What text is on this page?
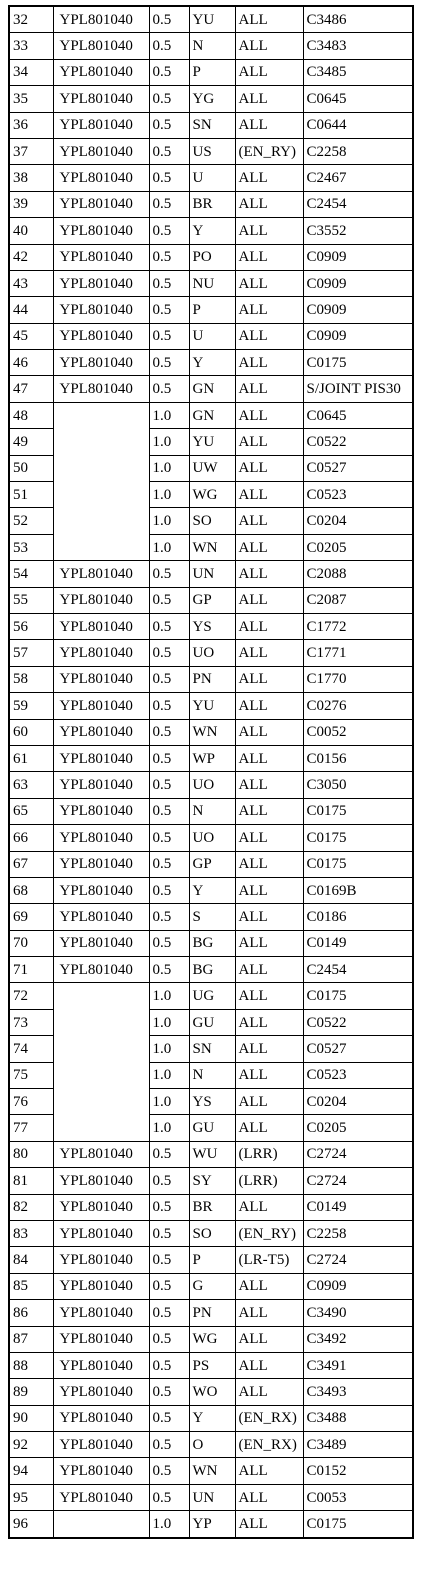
32	YPL801040	0.5	YU	ALL	C3486
33	YPL801040	0.5	N	ALL	C3483
34	YPL801040	0.5	P	ALL	C3485
35	YPL801040	0.5	YG	ALL	C0645
36	YPL801040	0.5	SN	ALL	C0644
37	YPL801040	0.5	US	(EN_RY)	C2258
38	YPL801040	0.5	U	ALL	C2467
39	YPL801040	0.5	BR	ALL	C2454
40	YPL801040	0.5	Y	ALL	C3552
42	YPL801040	0.5	PO	ALL	C0909
43	YPL801040	0.5	NU	ALL	C0909
44	YPL801040	0.5	P	ALL	C0909
45	YPL801040	0.5	U	ALL	C0909
46	YPL801040	0.5	Y	ALL	C0175
47	YPL801040	0.5	GN	ALL	S/JOINT PIS30
48		1.0	GN	ALL	C0645
49		1.0	YU	ALL	C0522
50		1.0	UW	ALL	C0527
51		1.0	WG	ALL	C0523
52		1.0	SO	ALL	C0204
53		1.0	WN	ALL	C0205
54	YPL801040	0.5	UN	ALL	C2088
55	YPL801040	0.5	GP	ALL	C2087
56	YPL801040	0.5	YS	ALL	C1772
57	YPL801040	0.5	UO	ALL	C1771
58	YPL801040	0.5	PN	ALL	C1770
59	YPL801040	0.5	YU	ALL	C0276
60	YPL801040	0.5	WN	ALL	C0052
61	YPL801040	0.5	WP	ALL	C0156
63	YPL801040	0.5	UO	ALL	C3050
65	YPL801040	0.5	N	ALL	C0175
66	YPL801040	0.5	UO	ALL	C0175
67	YPL801040	0.5	GP	ALL	C0175
68	YPL801040	0.5	Y	ALL	C0169B
69	YPL801040	0.5	S	ALL	C0186
70	YPL801040	0.5	BG	ALL	C0149
71	YPL801040	0.5	BG	ALL	C2454
72		1.0	UG	ALL	C0175
73		1.0	GU	ALL	C0522
74		1.0	SN	ALL	C0527
75		1.0	N	ALL	C0523
76		1.0	YS	ALL	C0204
77		1.0	GU	ALL	C0205
80	YPL801040	0.5	WU	(LRR)	C2724
81	YPL801040	0.5	SY	(LRR)	C2724
82	YPL801040	0.5	BR	ALL	C0149
83	YPL801040	0.5	SO	(EN_RY)	C2258
84	YPL801040	0.5	P	(LR-T5)	C2724
85	YPL801040	0.5	G	ALL	C0909
86	YPL801040	0.5	PN	ALL	C3490
87	YPL801040	0.5	WG	ALL	C3492
88	YPL801040	0.5	PS	ALL	C3491
89	YPL801040	0.5	WO	ALL	C3493
90	YPL801040	0.5	Y	(EN_RX)	C3488
92	YPL801040	0.5	O	(EN_RX)	C3489
94	YPL801040	0.5	WN	ALL	C0152
95	YPL801040	0.5	UN	ALL	C0053
96		1.0	YP	ALL	C0175
